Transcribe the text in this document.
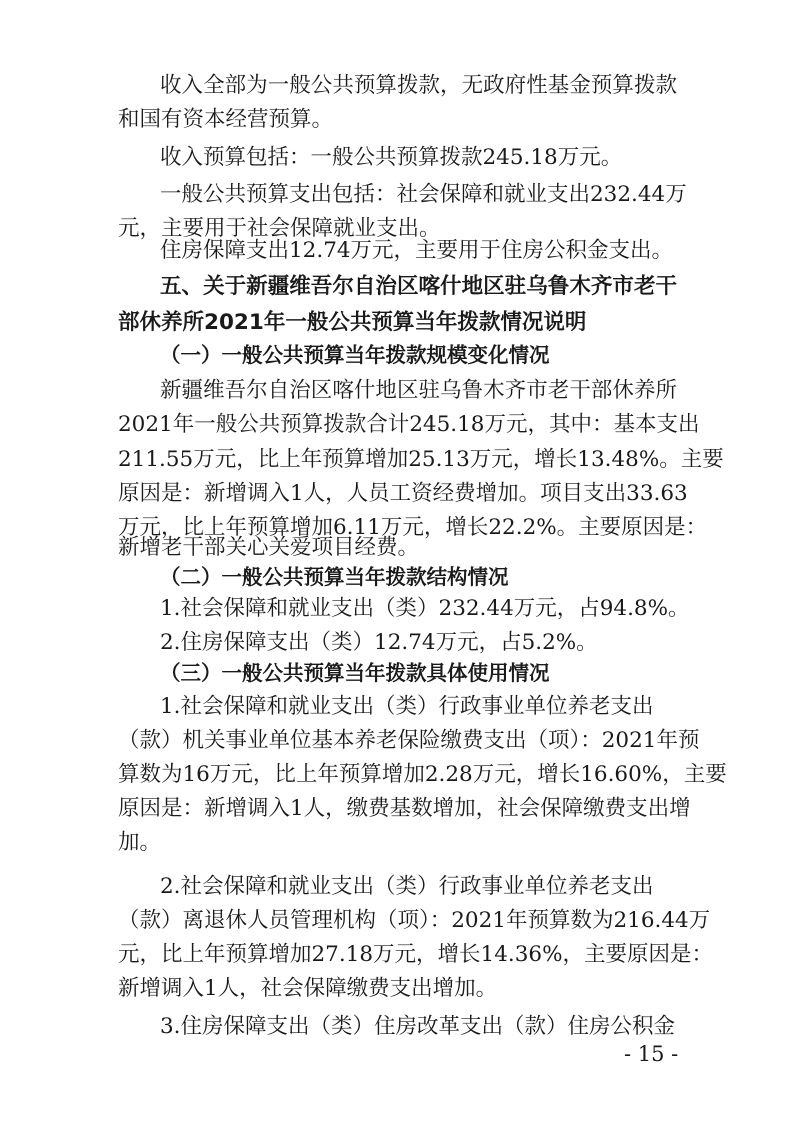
收入全部为一般公共预算拨款，无政府性基金预算拨款
和国有资本经营预算。
收入预算包括：一般公共预算拨款245.18万元。
一般公共预算支出包括：社会保障和就业支出232.44万
元，主要用于社会保障就业支出。
住房保障支出12.74万元，主要用于住房公积金支出。
五、关于新疆维吾尔自治区喀什地区驻乌鲁木齐市老干
部休养所2021年一般公共预算当年拨款情况说明
（一）一般公共预算当年拨款规模变化情况
新疆维吾尔自治区喀什地区驻乌鲁木齐市老干部休养所
2021年一般公共预算拨款合计245.18万元，其中：基本支出
211.55万元，比上年预算增加25.13万元，增长13.48%。主要
原因是：新增调入1人，人员工资经费增加。项目支出33.63
万元，比上年预算增加6.11万元，增长22.2%。主要原因是：
新增老干部关心关爱项目经费。
（二）一般公共预算当年拨款结构情况
1.社会保障和就业支出（类）232.44万元，占94.8%。
2.住房保障支出（类）12.74万元，占5.2%。
（三）一般公共预算当年拨款具体使用情况
1.社会保障和就业支出（类）行政事业单位养老支出
（款）机关事业单位基本养老保险缴费支出（项）：2021年预
算数为16万元，比上年预算增加2.28万元，增长16.60%，主要
原因是：新增调入1人，缴费基数增加，社会保障缴费支出增
加。
2.社会保障和就业支出（类）行政事业单位养老支出
（款）离退休人员管理机构（项）：2021年预算数为216.44万
元，比上年预算增加27.18万元，增长14.36%，主要原因是：
新增调入1人，社会保障缴费支出增加。
3.住房保障支出（类）住房改革支出（款）住房公积金
- 15 -
